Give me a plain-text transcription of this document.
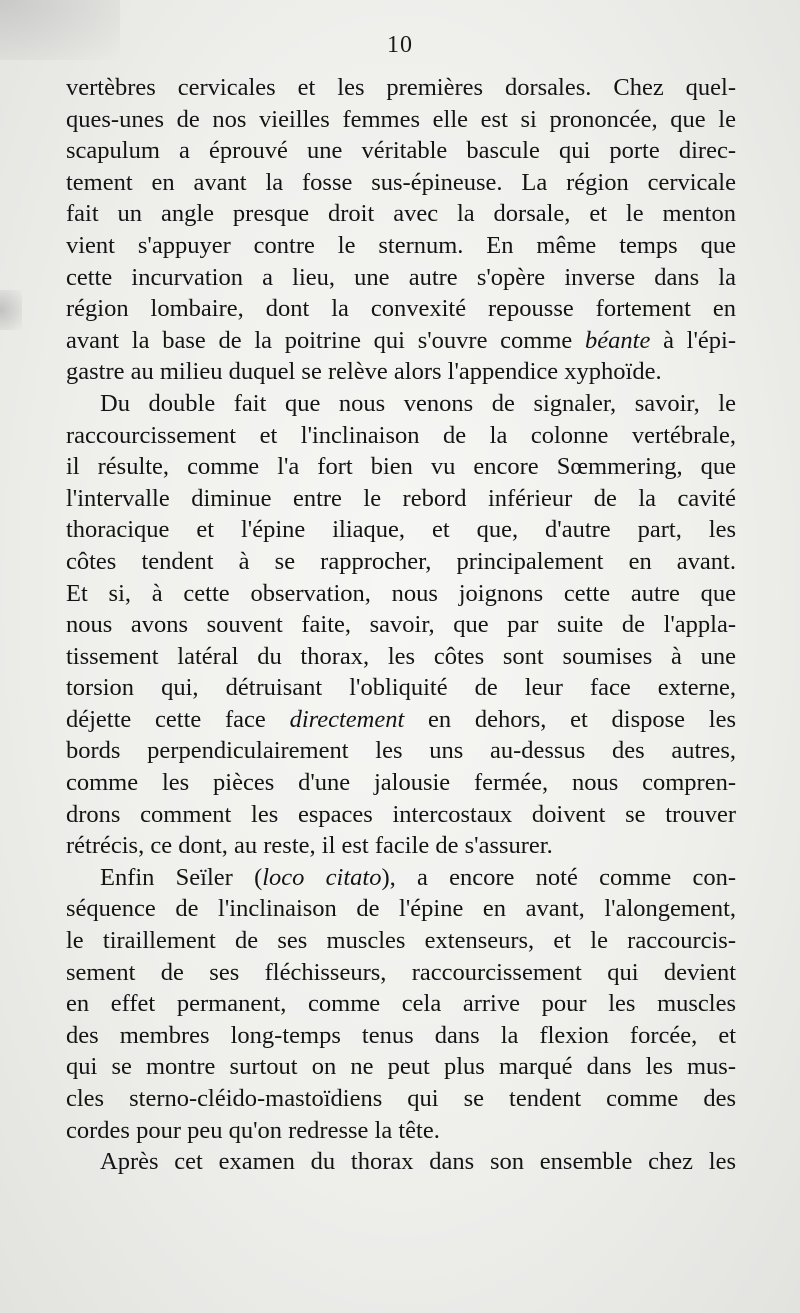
10
vertèbres cervicales et les premières dorsales. Chez quel-
ques-unes de nos vieilles femmes elle est si prononcée, que le
scapulum a éprouvé une véritable bascule qui porte direc-
tement en avant la fosse sus-épineuse. La région cervicale
fait un angle presque droit avec la dorsale, et le menton
vient s'appuyer contre le sternum. En même temps que
cette incurvation a lieu, une autre s'opère inverse dans la
région lombaire, dont la convexité repousse fortement en
avant la base de la poitrine qui s'ouvre comme béante à l'épi-
gastre au milieu duquel se relève alors l'appendice xyphoïde.
Du double fait que nous venons de signaler, savoir, le
raccourcissement et l'inclinaison de la colonne vertébrale,
il résulte, comme l'a fort bien vu encore Sœmmering, que
l'intervalle diminue entre le rebord inférieur de la cavité
thoracique et l'épine iliaque, et que, d'autre part, les
côtes tendent à se rapprocher, principalement en avant.
Et si, à cette observation, nous joignons cette autre que
nous avons souvent faite, savoir, que par suite de l'appla-
tissement latéral du thorax, les côtes sont soumises à une
torsion qui, détruisant l'obliquité de leur face externe,
déjette cette face directement en dehors, et dispose les
bords perpendiculairement les uns au-dessus des autres,
comme les pièces d'une jalousie fermée, nous compren-
drons comment les espaces intercostaux doivent se trouver
rétrécis, ce dont, au reste, il est facile de s'assurer.
Enfin Seïler (loco citato), a encore noté comme con-
séquence de l'inclinaison de l'épine en avant, l'alongement,
le tiraillement de ses muscles extenseurs, et le raccourcis-
sement de ses fléchisseurs, raccourcissement qui devient
en effet permanent, comme cela arrive pour les muscles
des membres long-temps tenus dans la flexion forcée, et
qui se montre surtout on ne peut plus marqué dans les mus-
cles sterno-cléido-mastoïdiens qui se tendent comme des
cordes pour peu qu'on redresse la tête.
Après cet examen du thorax dans son ensemble chez les
